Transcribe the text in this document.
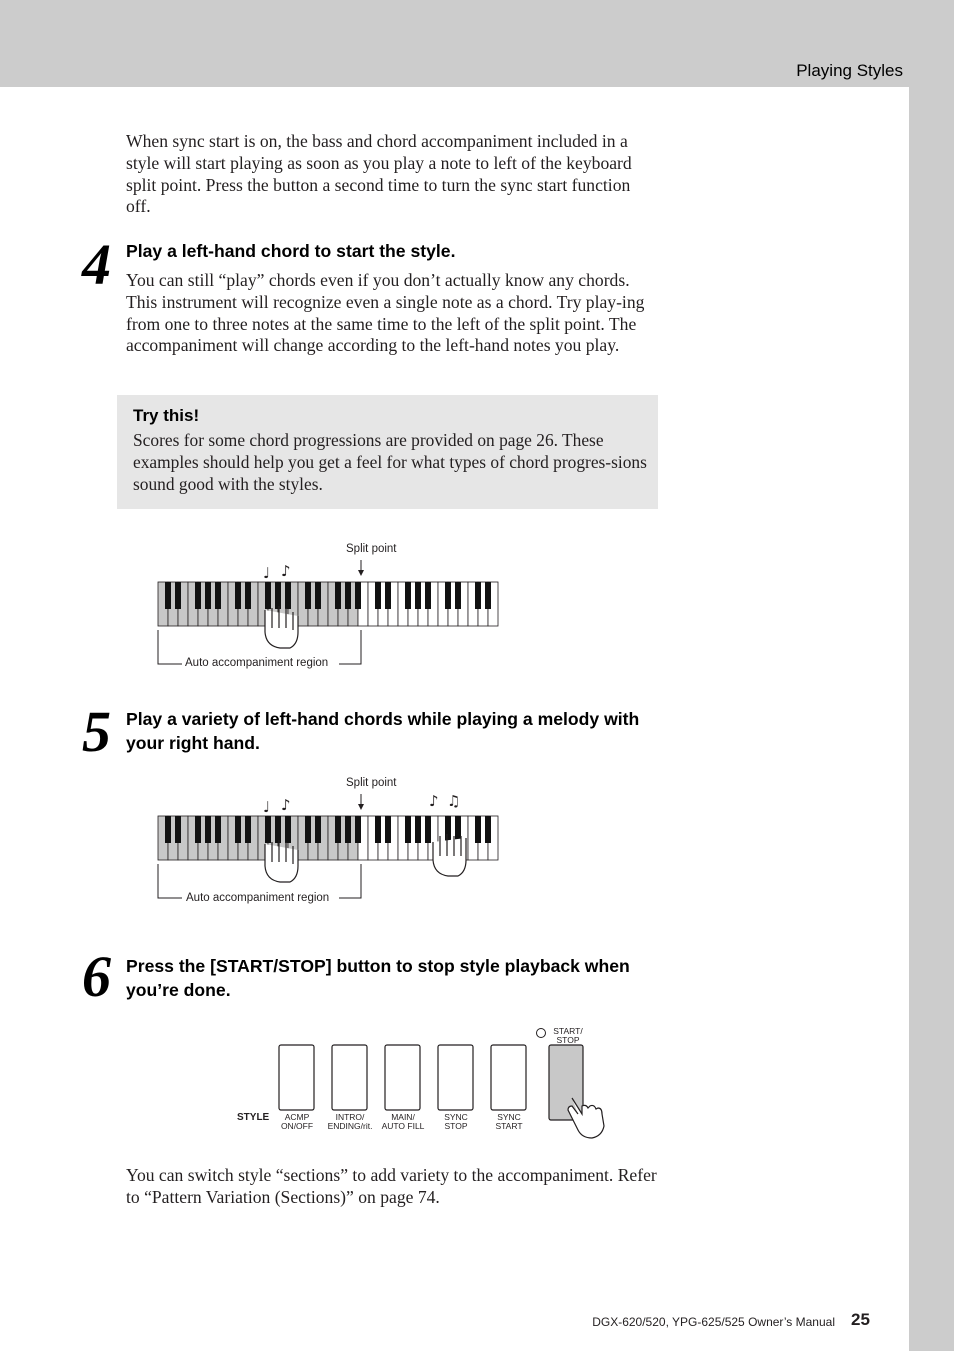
Playing Styles

When sync start is on, the bass and chord accompaniment included in a style will start playing as soon as you play a note to left of the keyboard split point. Press the button a second time to turn the sync start function off.

4 Play a left-hand chord to start the style.

You can still “play” chords even if you don’t actually know any chords. This instrument will recognize even a single note as a chord. Try play-ing from one to three notes at the same time to the left of the split point. The accompaniment will change according to the left-hand notes you play.

Try this!

Scores for some chord progressions are provided on page 26. These examples should help you get a feel for what types of chord progres-sions sound good with the styles.

♩ ♪
Split point
Auto accompaniment region
5 Play a variety of left-hand chords while playing a melody with your right hand.

♩ ♪	♪ ♫
Split point
Auto accompaniment region
6 Press the [START/STOP] button to stop style playback when you’re done.

STYLE
START/
STOP
ACMP
ON/OFF
INTRO/
ENDING/rit.
MAIN/
AUTO FILL
SYNC
STOP
SYNC
START

You can switch style “sections” to add variety to the accompaniment. Refer to “Pattern Variation (Sections)” on page 74.

DGX-620/520, YPG-625/525 Owner’s Manual 25
